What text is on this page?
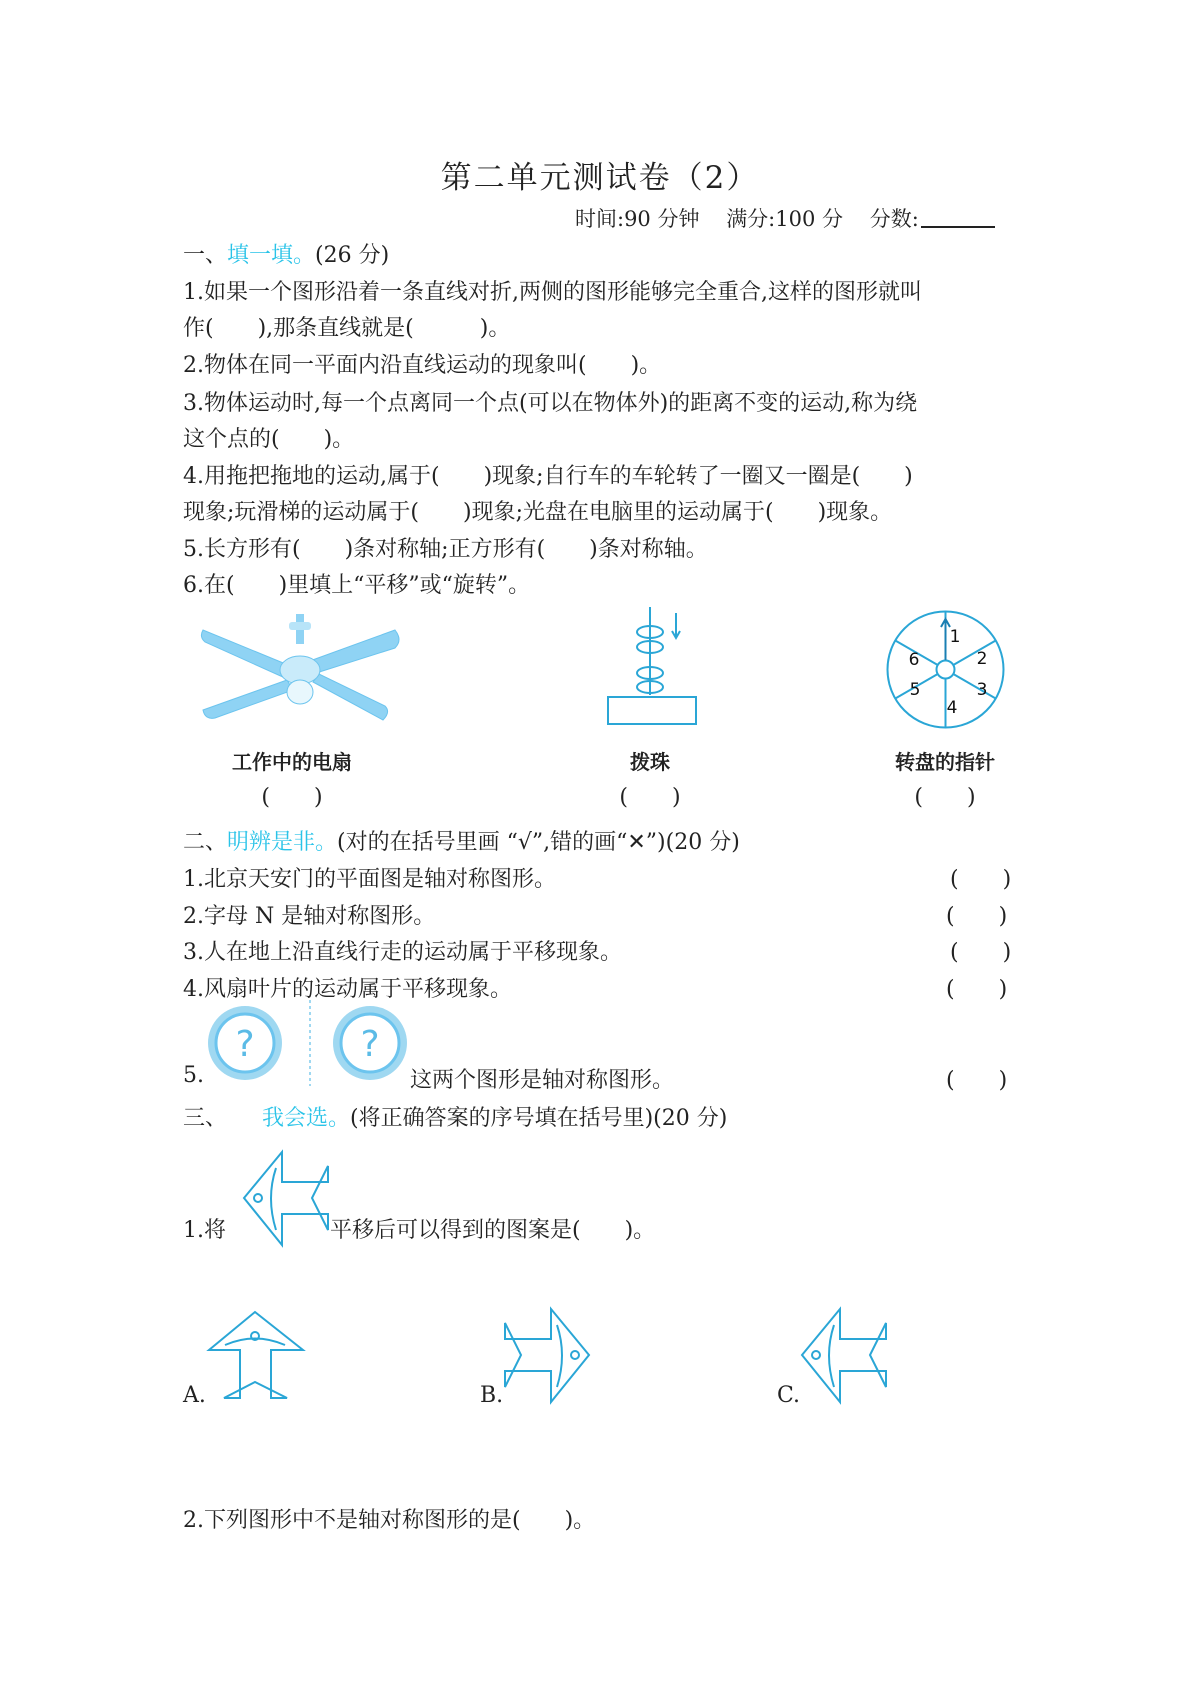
第二单元测试卷（2）
时间:90 分钟 满分:100 分 分数:
一、填一填。(26 分)
1.如果一个图形沿着一条直线对折,两侧的图形能够完全重合,这样的图形就叫
作(　　),那条直线就是(　　　)。
2.物体在同一平面内沿直线运动的现象叫(　　)。
3.物体运动时,每一个点离同一个点(可以在物体外)的距离不变的运动,称为绕
这个点的(　　)。
4.用拖把拖地的运动,属于(　　)现象;自行车的车轮转了一圈又一圈是(　　)
现象;玩滑梯的运动属于(　　)现象;光盘在电脑里的运动属于(　　)现象。
5.长方形有(　　)条对称轴;正方形有(　　)条对称轴。
6.在(　　)里填上“平移”或“旋转”。
1
2
3
4
5
6
工作中的电扇	拨珠	转盘的指针
(　　)	(　　)	(　　)
二、明辨是非。(对的在括号里画 “√”,错的画“✕”)(20 分)
1.北京天安门的平面图是轴对称图形。	(　　)
2.字母 N 是轴对称图形。	(　　)
3.人在地上沿直线行走的运动属于平移现象。	(　　)
4.风扇叶片的运动属于平移现象。	(　　)
5.
?	?
这两个图形是轴对称图形。	(　　)
三、 我会选。(将正确答案的序号填在括号里)(20 分)
1.将	平移后可以得到的图案是(　　)。
A.	B.	C.
2.下列图形中不是轴对称图形的是(　　)。
